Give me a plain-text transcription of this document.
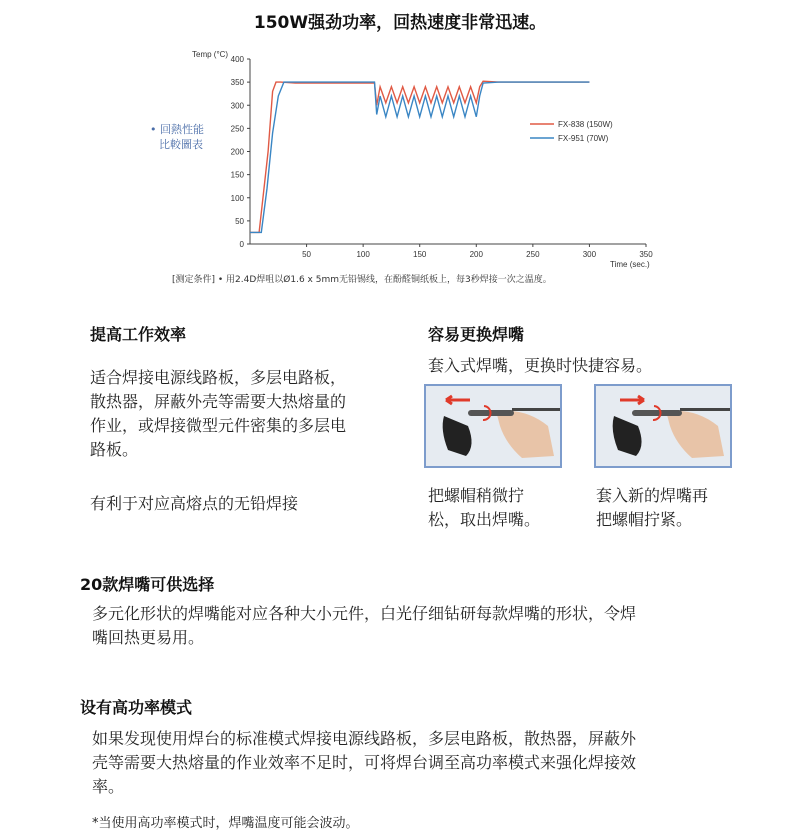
150W强劲功率，回热速度非常迅速。
• 回熱性能
比較圖表
Temp (°C)
Time (sec.)
0
50
100
150
200
250
300
350
400
50	100	150	200	250	300	350
FX-838 (150W)
FX-951 (70W)
[测定条件] • 用2.4D焊咀以Ø1.6 x 5mm无铅锡线，在酚醛铜纸板上，每3秒焊接一次之温度。
提高工作效率
适合焊接电源线路板，多层电路板，
散热器，屏蔽外壳等需要大热熔量的
作业，或焊接微型元件密集的多层电
路板。
有利于对应高熔点的无铅焊接
容易更换焊嘴
套入式焊嘴，更换时快捷容易。
把螺帽稍微拧
松，取出焊嘴。
套入新的焊嘴再
把螺帽拧紧。
20款焊嘴可供选择
多元化形状的焊嘴能对应各种大小元件，白光仔细钻研每款焊嘴的形状，令焊
嘴回热更易用。
设有高功率模式
如果发现使用焊台的标准模式焊接电源线路板，多层电路板，散热器，屏蔽外
壳等需要大热熔量的作业效率不足时，可将焊台调至高功率模式来强化焊接效
率。
*当使用高功率模式时，焊嘴温度可能会波动。
